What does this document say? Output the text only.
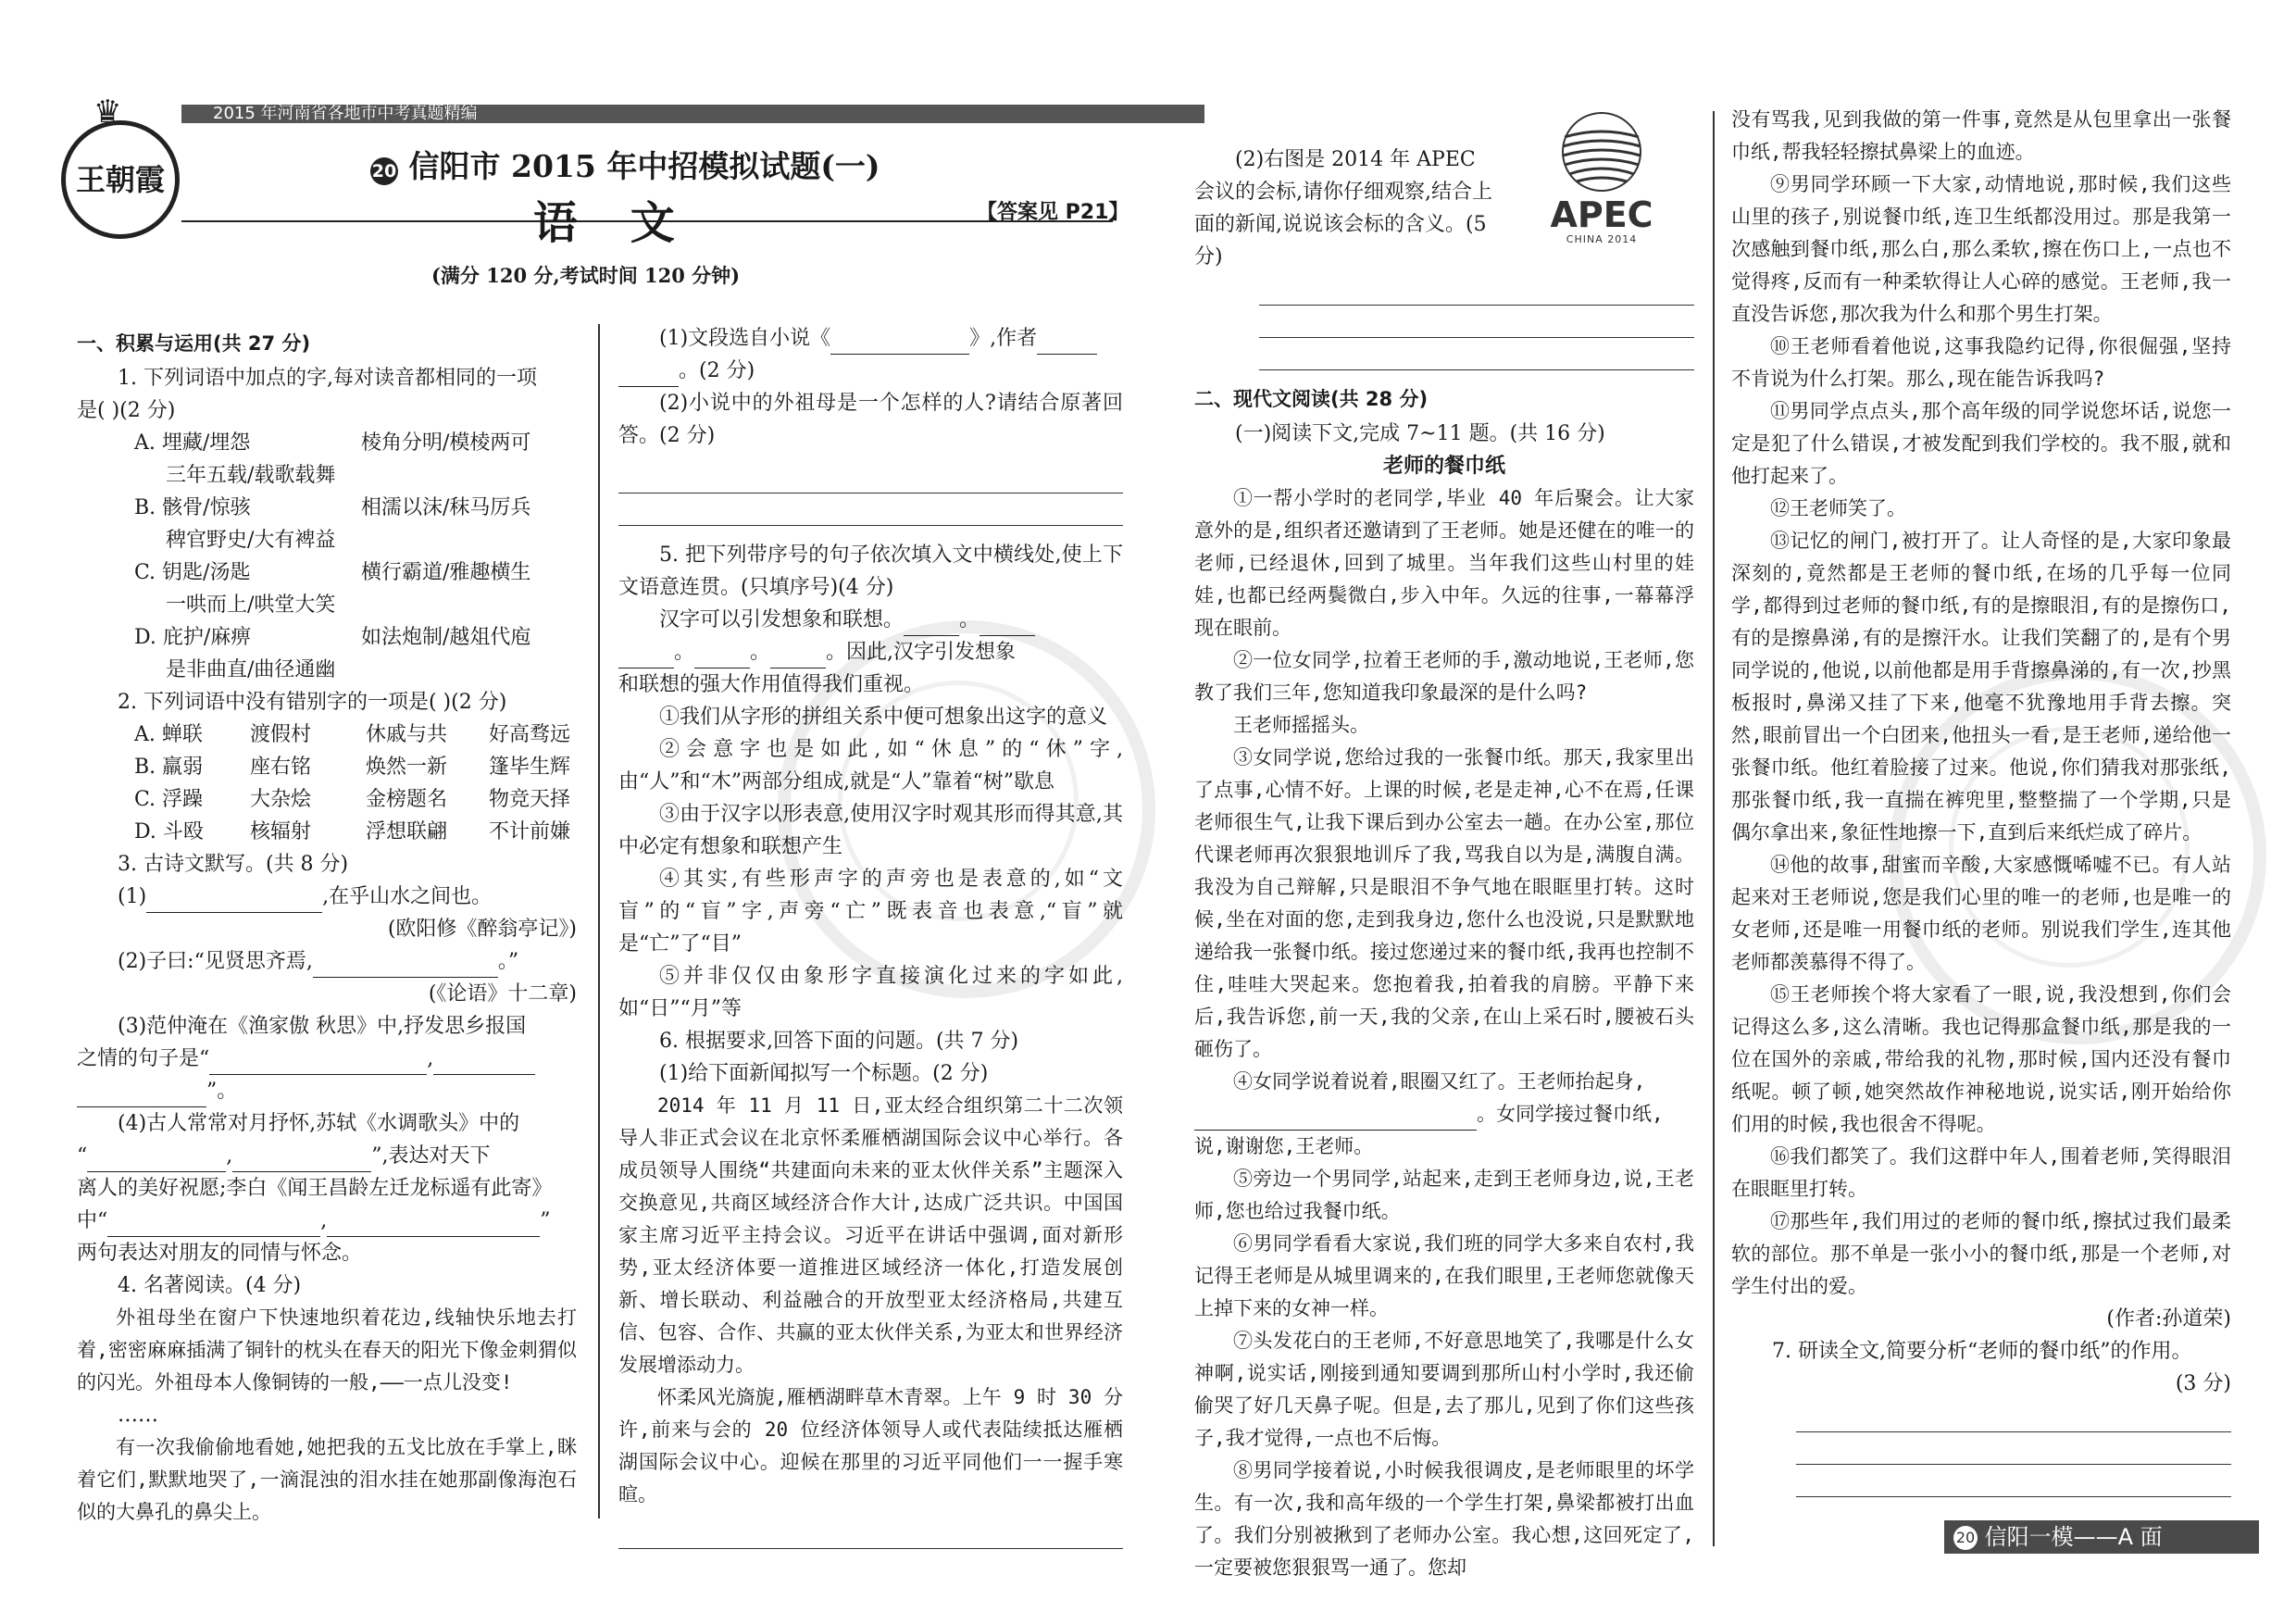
♛
王朝霞
2015 年河南省各地市中考真题精编
20 信阳市 2015 年中招模拟试题(一)
语 文	【答案见 P21】
(满分 120 分,考试时间 120 分钟)
一、积累与运用(共 27 分)

1. 下列词语中加点的字,每对读音都相同的一项

是( )(2 分)

A. 埋藏/埋怨	棱角分明/模棱两可
三年五载/载歌载舞
B. 骸骨/惊骇	相濡以沫/秣马厉兵
稗官野史/大有裨益
C. 钥匙/汤匙	横行霸道/雅趣横生
一哄而上/哄堂大笑
D. 庇护/麻痹	如法炮制/越俎代庖
是非曲直/曲径通幽

2. 下列词语中没有错别字的一项是( )(2 分)

A. 蝉联	渡假村	休戚与共	好高骛远
B. 羸弱	座右铭	焕然一新	篷毕生辉
C. 浮躁	大杂烩	金榜题名	物竞天择
D. 斗殴	核辐射	浮想联翩	不计前嫌

3. 古诗文默写。(共 8 分)

(1)	,在乎山水之间也。

(欧阳修《醉翁亭记》)

(2)子曰:“见贤思齐焉,	。”

(《论语》十二章)

(3)范仲淹在《渔家傲 秋思》中,抒发思乡报国

之情的句子是“	,

”。

(4)古人常常对月抒怀,苏轼《水调歌头》中的

“	,	”,表达对天下

离人的美好祝愿;李白《闻王昌龄左迁龙标遥有此寄》

中“	,	”

两句表达对朋友的同情与怀念。

4. 名著阅读。(4 分)

外祖母坐在窗户下快速地织着花边,线轴快乐地去打着,密密麻麻插满了铜针的枕头在春天的阳光下像金刺猬似的闪光。外祖母本人像铜铸的一般,——一点儿没变!

……

有一次我偷偷地看她,她把我的五戈比放在手掌上,眯着它们,默默地哭了,一滴混浊的泪水挂在她那副像海泡石似的大鼻孔的鼻尖上。

(1)文段选自小说《	》,作者

。(2 分)

(2)小说中的外祖母是一个怎样的人?请结合原著回答。(2 分)

5. 把下列带序号的句子依次填入文中横线处,使上下文语意连贯。(只填序号)(4 分)

汉字可以引发想象和联想。	。

。	。	。因此,汉字引发想象

和联想的强大作用值得我们重视。

①我们从字形的拼组关系中便可想象出这字的意义

②会意字也是如此,如“休息”的“休”字,由“人”和“木”两部分组成,就是“人”靠着“树”歇息

③由于汉字以形表意,使用汉字时观其形而得其意,其中必定有想象和联想产生

④其实,有些形声字的声旁也是表意的,如“文盲”的“盲”字,声旁“亡”既表音也表意,“盲”就是“亡”了“目”

⑤并非仅仅由象形字直接演化过来的字如此,如“日”“月”等

6. 根据要求,回答下面的问题。(共 7 分)

(1)给下面新闻拟写一个标题。(2 分)

2014 年 11 月 11 日,亚太经合组织第二十二次领导人非正式会议在北京怀柔雁栖湖国际会议中心举行。各成员领导人围绕“共建面向未来的亚太伙伴关系”主题深入交换意见,共商区域经济合作大计,达成广泛共识。中国国家主席习近平主持会议。习近平在讲话中强调,面对新形势,亚太经济体要一道推进区域经济一体化,打造发展创新、增长联动、利益融合的开放型亚太经济格局,共建互信、包容、合作、共赢的亚太伙伴关系,为亚太和世界经济发展增添动力。

怀柔风光旖旎,雁栖湖畔草木青翠。上午 9 时 30 分许,前来与会的 20 位经济体领导人或代表陆续抵达雁栖湖国际会议中心。迎候在那里的习近平同他们一一握手寒暄。

(2)右图是 2014 年 APEC 会议的会标,请你仔细观察,结合上面的新闻,说说该会标的含义。(5 分)

二、现代文阅读(共 28 分)

(一)阅读下文,完成 7~11 题。(共 16 分)

老师的餐巾纸

①一帮小学时的老同学,毕业 40 年后聚会。让大家意外的是,组织者还邀请到了王老师。她是还健在的唯一的老师,已经退休,回到了城里。当年我们这些山村里的娃娃,也都已经两鬓微白,步入中年。久远的往事,一幕幕浮现在眼前。

②一位女同学,拉着王老师的手,激动地说,王老师,您教了我们三年,您知道我印象最深的是什么吗?

王老师摇摇头。

③女同学说,您给过我的一张餐巾纸。那天,我家里出了点事,心情不好。上课的时候,老是走神,心不在焉,任课老师很生气,让我下课后到办公室去一趟。在办公室,那位代课老师再次狠狠地训斥了我,骂我自以为是,满腹自满。我没为自己辩解,只是眼泪不争气地在眼眶里打转。这时候,坐在对面的您,走到我身边,您什么也没说,只是默默地递给我一张餐巾纸。接过您递过来的餐巾纸,我再也控制不住,哇哇大哭起来。您抱着我,拍着我的肩膀。平静下来后,我告诉您,前一天,我的父亲,在山上采石时,腰被石头砸伤了。

④女同学说着说着,眼圈又红了。王老师抬起身,

。女同学接过餐巾纸,

说,谢谢您,王老师。

⑤旁边一个男同学,站起来,走到王老师身边,说,王老师,您也给过我餐巾纸。

⑥男同学看看大家说,我们班的同学大多来自农村,我记得王老师是从城里调来的,在我们眼里,王老师您就像天上掉下来的女神一样。

⑦头发花白的王老师,不好意思地笑了,我哪是什么女神啊,说实话,刚接到通知要调到那所山村小学时,我还偷偷哭了好几天鼻子呢。但是,去了那儿,见到了你们这些孩子,我才觉得,一点也不后悔。

⑧男同学接着说,小时候我很调皮,是老师眼里的坏学生。有一次,我和高年级的一个学生打架,鼻梁都被打出血了。我们分别被揪到了老师办公室。我心想,这回死定了,一定要被您狠狠骂一通了。您却

APEC
CHINA 2014

没有骂我,见到我做的第一件事,竟然是从包里拿出一张餐巾纸,帮我轻轻擦拭鼻梁上的血迹。

⑨男同学环顾一下大家,动情地说,那时候,我们这些山里的孩子,别说餐巾纸,连卫生纸都没用过。那是我第一次感触到餐巾纸,那么白,那么柔软,擦在伤口上,一点也不觉得疼,反而有一种柔软得让人心碎的感觉。王老师,我一直没告诉您,那次我为什么和那个男生打架。

⑩王老师看着他说,这事我隐约记得,你很倔强,坚持不肯说为什么打架。那么,现在能告诉我吗?

⑪男同学点点头,那个高年级的同学说您坏话,说您一定是犯了什么错误,才被发配到我们学校的。我不服,就和他打起来了。

⑫王老师笑了。

⑬记忆的闸门,被打开了。让人奇怪的是,大家印象最深刻的,竟然都是王老师的餐巾纸,在场的几乎每一位同学,都得到过老师的餐巾纸,有的是擦眼泪,有的是擦伤口,有的是擦鼻涕,有的是擦汗水。让我们笑翻了的,是有个男同学说的,他说,以前他都是用手背擦鼻涕的,有一次,抄黑板报时,鼻涕又挂了下来,他毫不犹豫地用手背去擦。突然,眼前冒出一个白团来,他扭头一看,是王老师,递给他一张餐巾纸。他红着脸接了过来。他说,你们猜我对那张纸,那张餐巾纸,我一直揣在裤兜里,整整揣了一个学期,只是偶尔拿出来,象征性地擦一下,直到后来纸烂成了碎片。

⑭他的故事,甜蜜而辛酸,大家感慨唏嘘不已。有人站起来对王老师说,您是我们心里的唯一的老师,也是唯一的女老师,还是唯一用餐巾纸的老师。别说我们学生,连其他老师都羡慕得不得了。

⑮王老师挨个将大家看了一眼,说,我没想到,你们会记得这么多,这么清晰。我也记得那盒餐巾纸,那是我的一位在国外的亲戚,带给我的礼物,那时候,国内还没有餐巾纸呢。顿了顿,她突然故作神秘地说,说实话,刚开始给你们用的时候,我也很舍不得呢。

⑯我们都笑了。我们这群中年人,围着老师,笑得眼泪在眼眶里打转。

⑰那些年,我们用过的老师的餐巾纸,擦拭过我们最柔软的部位。那不单是一张小小的餐巾纸,那是一个老师,对学生付出的爱。

(作者:孙道荣)

7. 研读全文,简要分析“老师的餐巾纸”的作用。

(3 分)

20 信阳一模——A 面
